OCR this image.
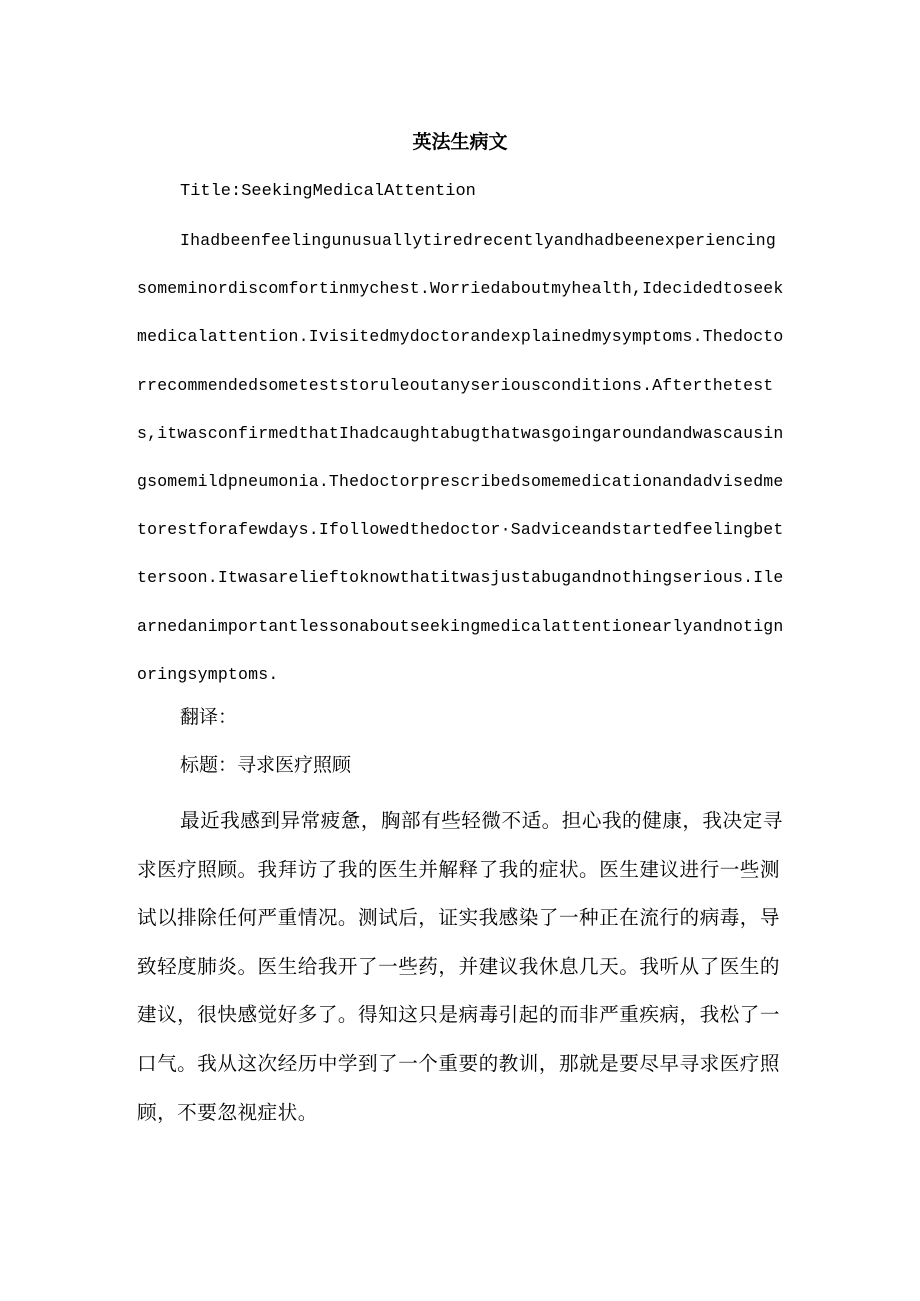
英法生病文
Title:SeekingMedicalAttention

Ihadbeenfeelingunusuallytiredrecentlyandhadbeenexperiencingsomeminordiscomfortinmychest.Worriedaboutmyhealth,Idecidedtoseekmedicalattention.Ivisitedmydoctorandexplainedmysymptoms.Thedoctorrecommendedsometeststoruleoutanyseriousconditions.Afterthetests,itwasconfirmedthatIhadcaughtabugthatwasgoingaroundandwascausingsomemildpneumonia.Thedoctorprescribedsomemedicationandadvisedmetorestforafewdays.Ifollowedthedoctor·Sadviceandstartedfeelingbettersoon.Itwasarelieftoknowthatitwasjustabugandnothingserious.Ilearnedanimportantlessonaboutseekingmedicalattentionearlyandnotignoringsymptoms.

翻译：
标题：寻求医疗照顾

最近我感到异常疲惫，胸部有些轻微不适。担心我的健康，我决定寻求医疗照顾。我拜访了我的医生并解释了我的症状。医生建议进行一些测试以排除任何严重情况。测试后，证实我感染了一种正在流行的病毒，导致轻度肺炎。医生给我开了一些药，并建议我休息几天。我听从了医生的建议，很快感觉好多了。得知这只是病毒引起的而非严重疾病，我松了一口气。我从这次经历中学到了一个重要的教训，那就是要尽早寻求医疗照顾，不要忽视症状。
